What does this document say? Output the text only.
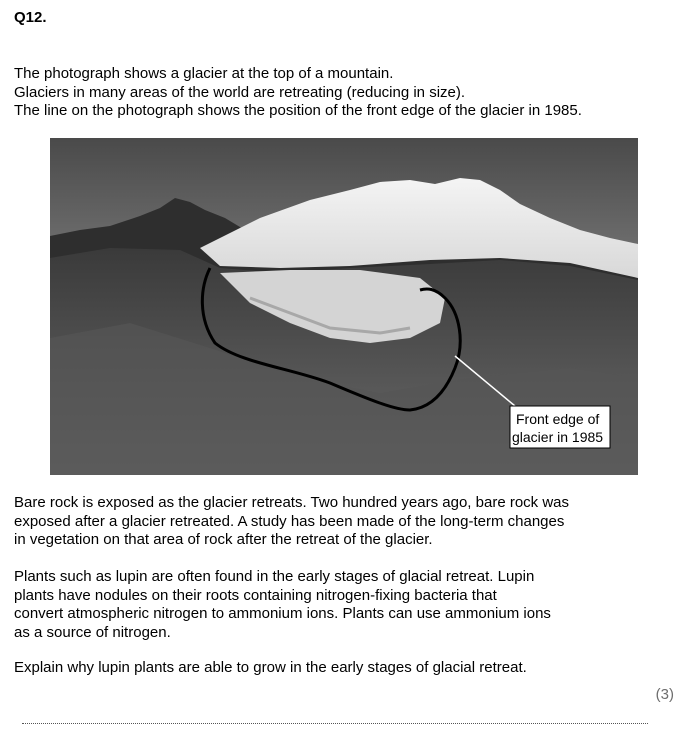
Q12.
The photograph shows a glacier at the top of a mountain.
Glaciers in many areas of the world are retreating (reducing in size).
The line on the photograph shows the position of the front edge of the glacier in 1985.
Front edge of
glacier in 1985
Bare rock is exposed as the glacier retreats. Two hundred years ago, bare rock was
exposed after a glacier retreated. A study has been made of the long-term changes
in vegetation on that area of rock after the retreat of the glacier.
Plants such as lupin are often found in the early stages of glacial retreat. Lupin
plants have nodules on their roots containing nitrogen-fixing bacteria that
convert atmospheric nitrogen to ammonium ions. Plants can use ammonium ions
as a source of nitrogen.
Explain why lupin plants are able to grow in the early stages of glacial retreat.
(3)
